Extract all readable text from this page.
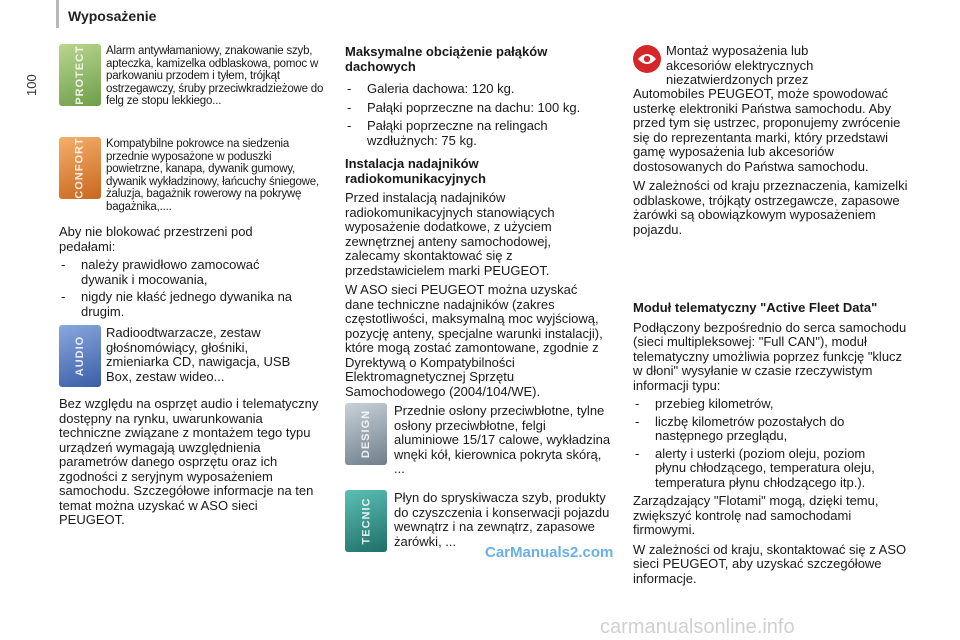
Wyposażenie
100	PROTECT Alarm antywłamaniowy, znakowanie szyb, apteczka, kamizelka odblaskowa, pomoc w parkowaniu przodem i tyłem, trójkąt ostrzegawczy, śruby przeciwkradzieżowe do felg ze stopu lekkiego...
CONFORT Kompatybilne pokrowce na siedzenia przednie wyposażone w poduszki powietrzne, kanapa, dywanik gumowy, dywanik wykładzinowy, łańcuchy śniegowe, żaluzja, bagażnik rowerowy na pokrywę bagażnika,....

Aby nie blokować przestrzeni pod pedałami:

- należy prawidłowo zamocować dywanik i mocowania,
- nigdy nie kłaść jednego dywanika na drugim.
AUDIO
Radioodtwarzacze, zestaw głośnomówiący, głośniki, zmieniarka CD, nawigacja, USB Box, zestaw wideo...
Bez względu na osprzęt audio i telematyczny dostępny na rynku, uwarunkowania techniczne związane z montażem tego typu urządzeń wymagają uwzględnienia parametrów danego osprzętu oraz ich zgodności z seryjnym wyposażeniem samochodu. Szczegółowe informacje na ten temat można uzyskać w ASO sieci PEUGEOT.

Maksymalne obciążenie pałąków dachowych

- Galeria dachowa: 120 kg.
- Pałąki poprzeczne na dachu: 100 kg.
- Pałąki poprzeczne na relingach wzdłużnych: 75 kg.

Instalacja nadajników radiokomunikacyjnych

Przed instalacją nadajników radiokomunikacyjnych stanowiących wyposażenie dodatkowe, z użyciem zewnętrznej anteny samochodowej, zalecamy skontaktować się z przedstawicielem marki PEUGEOT.

W ASO sieci PEUGEOT można uzyskać dane techniczne nadajników (zakres częstotliwości, maksymalną moc wyjściową, pozycję anteny, specjalne warunki instalacji), które mogą zostać zamontowane, zgodnie z Dyrektywą o Kompatybilności Elektromagnetycznej Sprzętu Samochodowego (2004/104/WE).

DESIGN Przednie osłony przeciwbłotne, tylne osłony przeciwbłotne, felgi aluminiowe 15/17 calowe, wykładzina wnęki kół, kierownica pokryta skórą, ...
TECNIC
Płyn do spryskiwacza szyb, produkty do czyszczenia i konserwacji pojazdu wewnątrz i na zewnątrz, zapasowe żarówki, ...
Montaż wyposażenia lub akcesoriów elektrycznych niezatwierdzonych przez

Automobiles PEUGEOT, może spowodować usterkę elektroniki Państwa samochodu. Aby przed tym się ustrzec, proponujemy zwrócenie się do reprezentanta marki, który przedstawi gamę wyposażenia lub akcesoriów dostosowanych do Państwa samochodu.

W zależności od kraju przeznaczenia, kamizelki odblaskowe, trójkąty ostrzegawcze, zapasowe żarówki są obowiązkowym wyposażeniem pojazdu.

Moduł telematyczny "Active Fleet Data"

Podłączony bezpośrednio do serca samochodu (sieci multipleksowej: "Full CAN"), moduł telematyczny umożliwia poprzez funkcję "klucz w dłoni" wysyłanie w czasie rzeczywistym informacji typu:

- przebieg kilometrów,
- liczbę kilometrów pozostałych do następnego przeglądu,
- alerty i usterki (poziom oleju, poziom płynu chłodzącego, temperatura oleju, temperatura płynu chłodzącego itp.).

Zarządzający "Flotami" mogą, dzięki temu, zwiększyć kontrolę nad samochodami firmowymi.

W zależności od kraju, skontaktować się z ASO sieci PEUGEOT, aby uzyskać szczegółowe informacje.

CarManuals2.com
carmanualsonline.info
